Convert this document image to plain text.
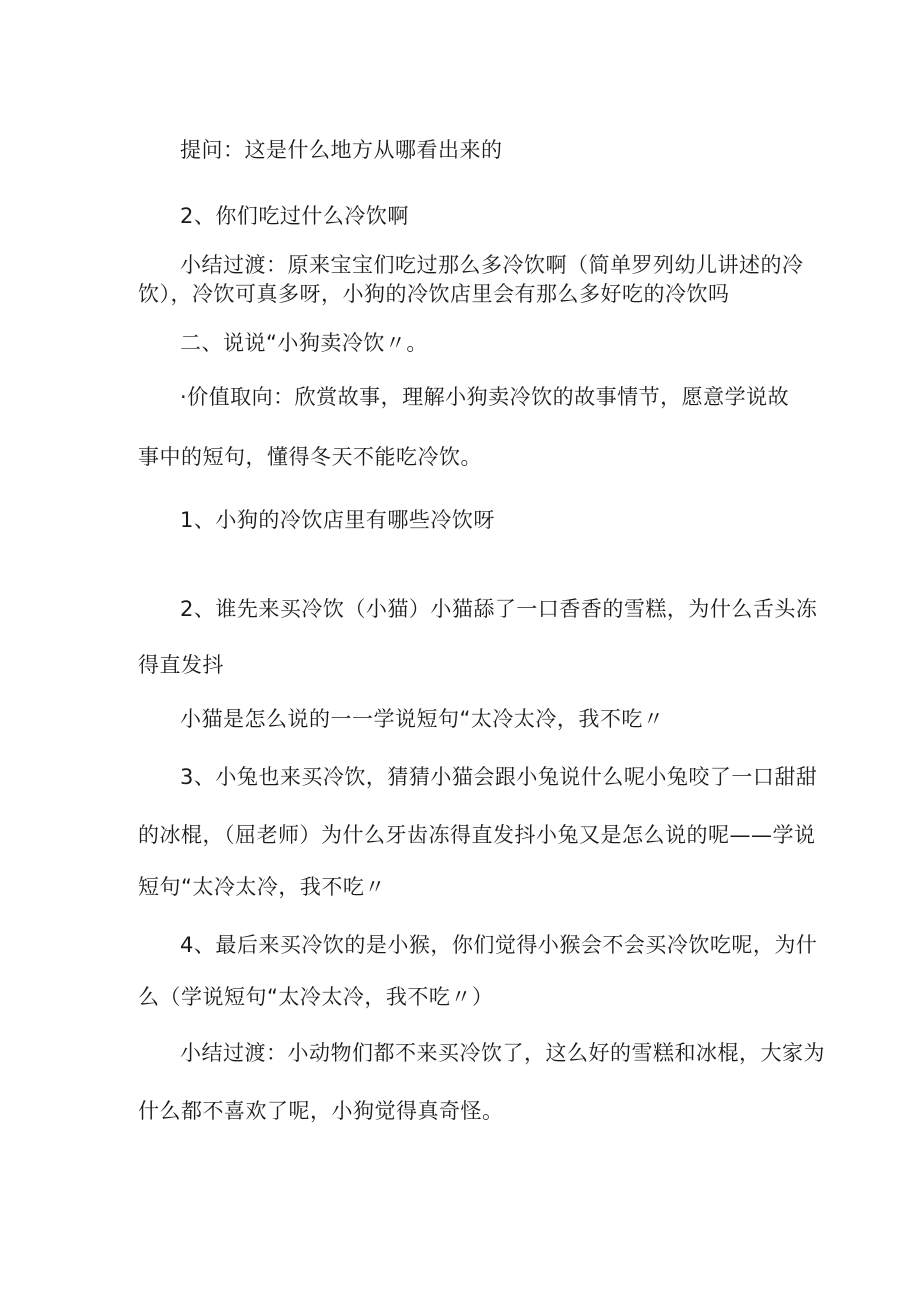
提问：这是什么地方从哪看出来的
2、你们吃过什么冷饮啊
小结过渡：原来宝宝们吃过那么多冷饮啊（简单罗列幼儿讲述的冷
饮），冷饮可真多呀，小狗的冷饮店里会有那么多好吃的冷饮吗
二、说说“小狗卖冷饮〃。
·价值取向：欣赏故事，理解小狗卖冷饮的故事情节，愿意学说故
事中的短句，懂得冬天不能吃冷饮。
1、小狗的冷饮店里有哪些冷饮呀
2、谁先来买冷饮（小猫）小猫舔了一口香香的雪糕，为什么舌头冻
得直发抖
小猫是怎么说的一一学说短句“太冷太冷，我不吃〃
3、小兔也来买冷饮，猜猜小猫会跟小兔说什么呢小兔咬了一口甜甜
的冰棍，（屈老师）为什么牙齿冻得直发抖小兔又是怎么说的呢——学说
短句“太冷太冷，我不吃〃
4、最后来买冷饮的是小猴，你们觉得小猴会不会买冷饮吃呢，为什
么（学说短句“太冷太冷，我不吃〃）
小结过渡：小动物们都不来买冷饮了，这么好的雪糕和冰棍，大家为
什么都不喜欢了呢，小狗觉得真奇怪。
